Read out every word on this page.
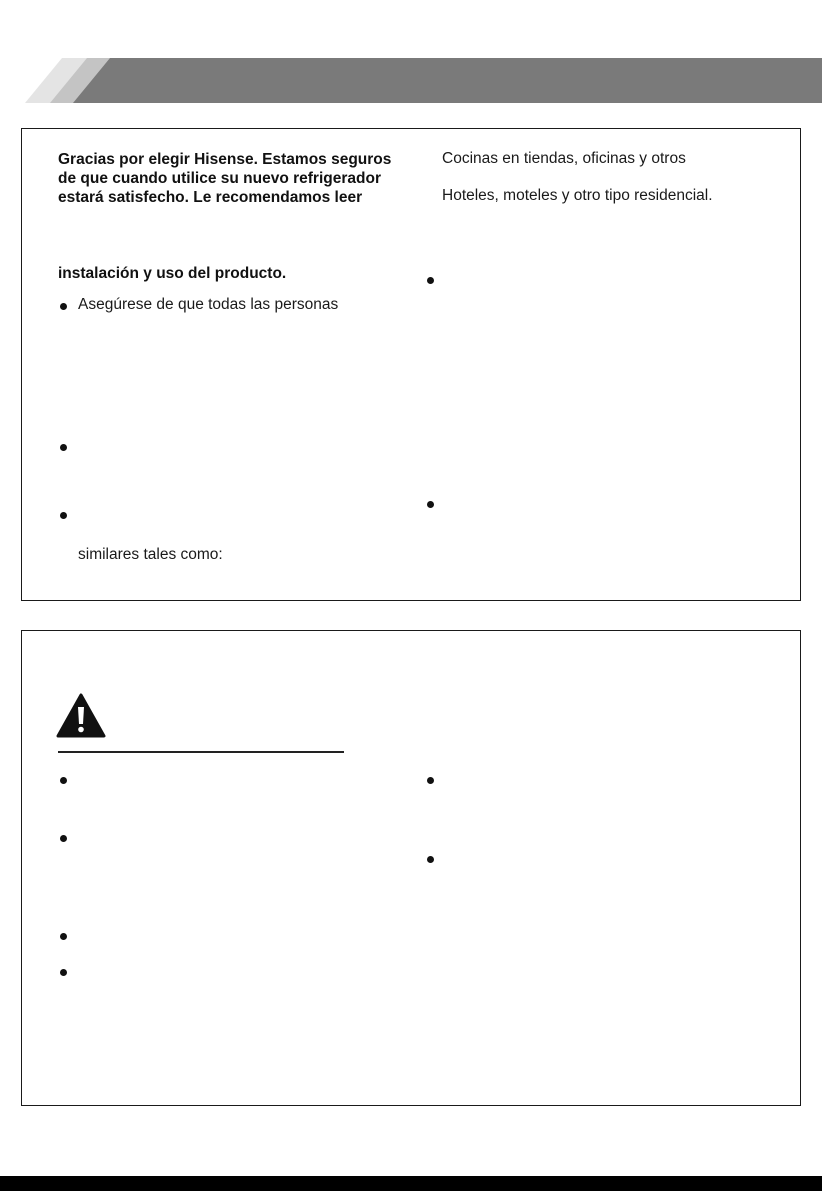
Gracias por elegir Hisense. Estamos seguros
de que cuando utilice su nuevo refrigerador
estará satisfecho. Le recomendamos leer
instalación y uso del producto.
Asegúrese de que todas las personas
similares tales como:
Cocinas en tiendas, oficinas y otros
Hoteles, moteles y otro tipo residencial.
